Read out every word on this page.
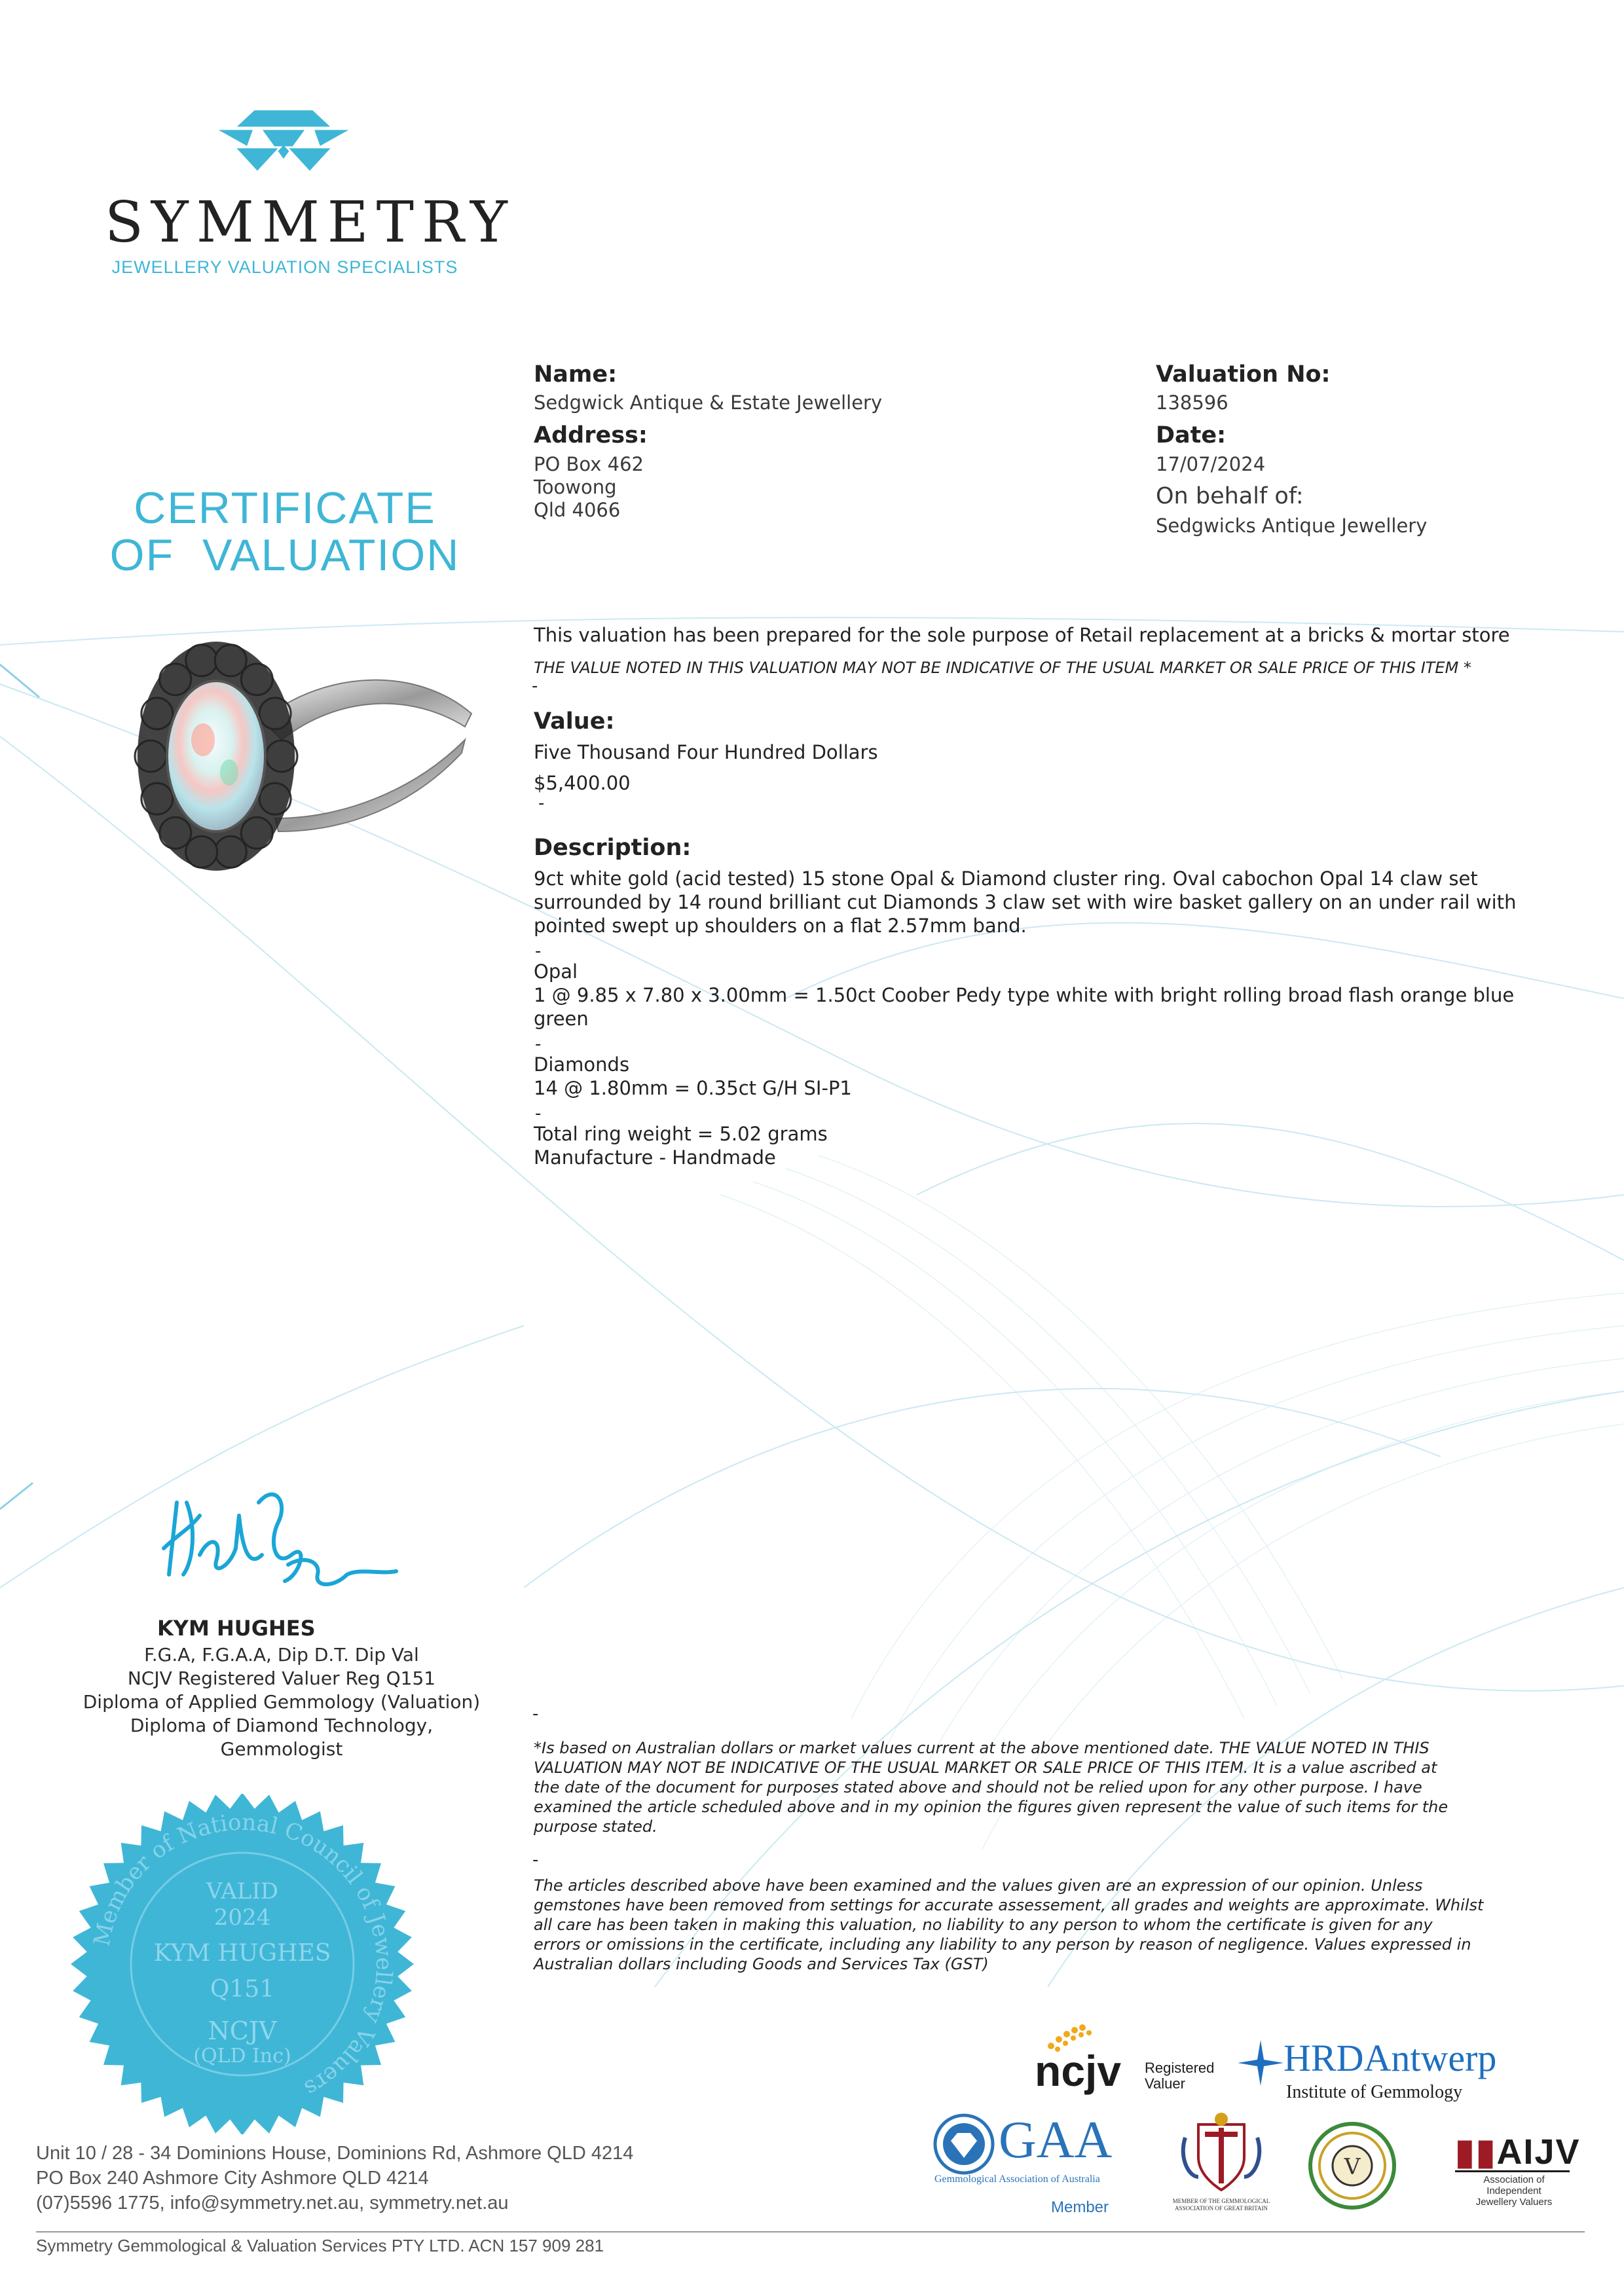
SYMMETRY
JEWELLERY VALUATION SPECIALISTS
CERTIFICATE
OF VALUATION
Name:
Sedgwick Antique & Estate Jewellery
Address:
PO Box 462
Toowong
Qld 4066
Valuation No:
138596
Date:
17/07/2024
On behalf of:
Sedgwicks Antique Jewellery
This valuation has been prepared for the sole purpose of Retail replacement at a bricks & mortar store
THE VALUE NOTED IN THIS VALUATION MAY NOT BE INDICATIVE OF THE USUAL MARKET OR SALE PRICE OF THIS ITEM *
-
Value:
Five Thousand Four Hundred Dollars
$5,400.00
-
Description:
9ct white gold (acid tested) 15 stone Opal & Diamond cluster ring. Oval cabochon Opal 14 claw set
surrounded by 14 round brilliant cut Diamonds 3 claw set with wire basket gallery on an under rail with
pointed swept up shoulders on a flat 2.57mm band.
-
Opal
1 @ 9.85 x 7.80 x 3.00mm = 1.50ct Coober Pedy type white with bright rolling broad flash orange blue
green
-
Diamonds
14 @ 1.80mm = 0.35ct G/H SI-P1
-
Total ring weight = 5.02 grams
Manufacture - Handmade
KYM HUGHES
F.G.A, F.G.A.A, Dip D.T. Dip Val
NCJV Registered Valuer Reg Q151
Diploma of Applied Gemmology (Valuation)
Diploma of Diamond Technology,
Gemmologist
Member of National Council of Jewellery Valuers
VALID
2024
KYM HUGHES
Q151
NCJV
(QLD Inc)
-
*Is based on Australian dollars or market values current at the above mentioned date. THE VALUE NOTED IN THIS
VALUATION MAY NOT BE INDICATIVE OF THE USUAL MARKET OR SALE PRICE OF THIS ITEM. It is a value ascribed at
the date of the document for purposes stated above and should not be relied upon for any other purpose. I have
examined the article scheduled above and in my opinion the figures given represent the value of such items for the
purpose stated.
-
The articles described above have been examined and the values given are an expression of our opinion. Unless
gemstones have been removed from settings for accurate assessement, all grades and weights are approximate. Whilst
all care has been taken in making this valuation, no liability to any person to whom the certificate is given for any
errors or omissions in the certificate, including any liability to any person by reason of negligence. Values expressed in
Australian dollars including Goods and Services Tax (GST)
ncjv Registered
Valuer
HRDAntwerp
Institute of Gemmology
GAA
Gemmological Association of Australia
Member	MEMBER OF THE GEMMOLOGICAL ASSOCIATION OF GREAT BRITAIN
V	▮▮AIJV
Association of
Independent
Jewellery Valuers
Unit 10 / 28 - 34 Dominions House, Dominions Rd, Ashmore QLD 4214
PO Box 240 Ashmore City Ashmore QLD 4214
(07)5596 1775, info@symmetry.net.au, symmetry.net.au
Symmetry Gemmological & Valuation Services PTY LTD. ACN 157 909 281
